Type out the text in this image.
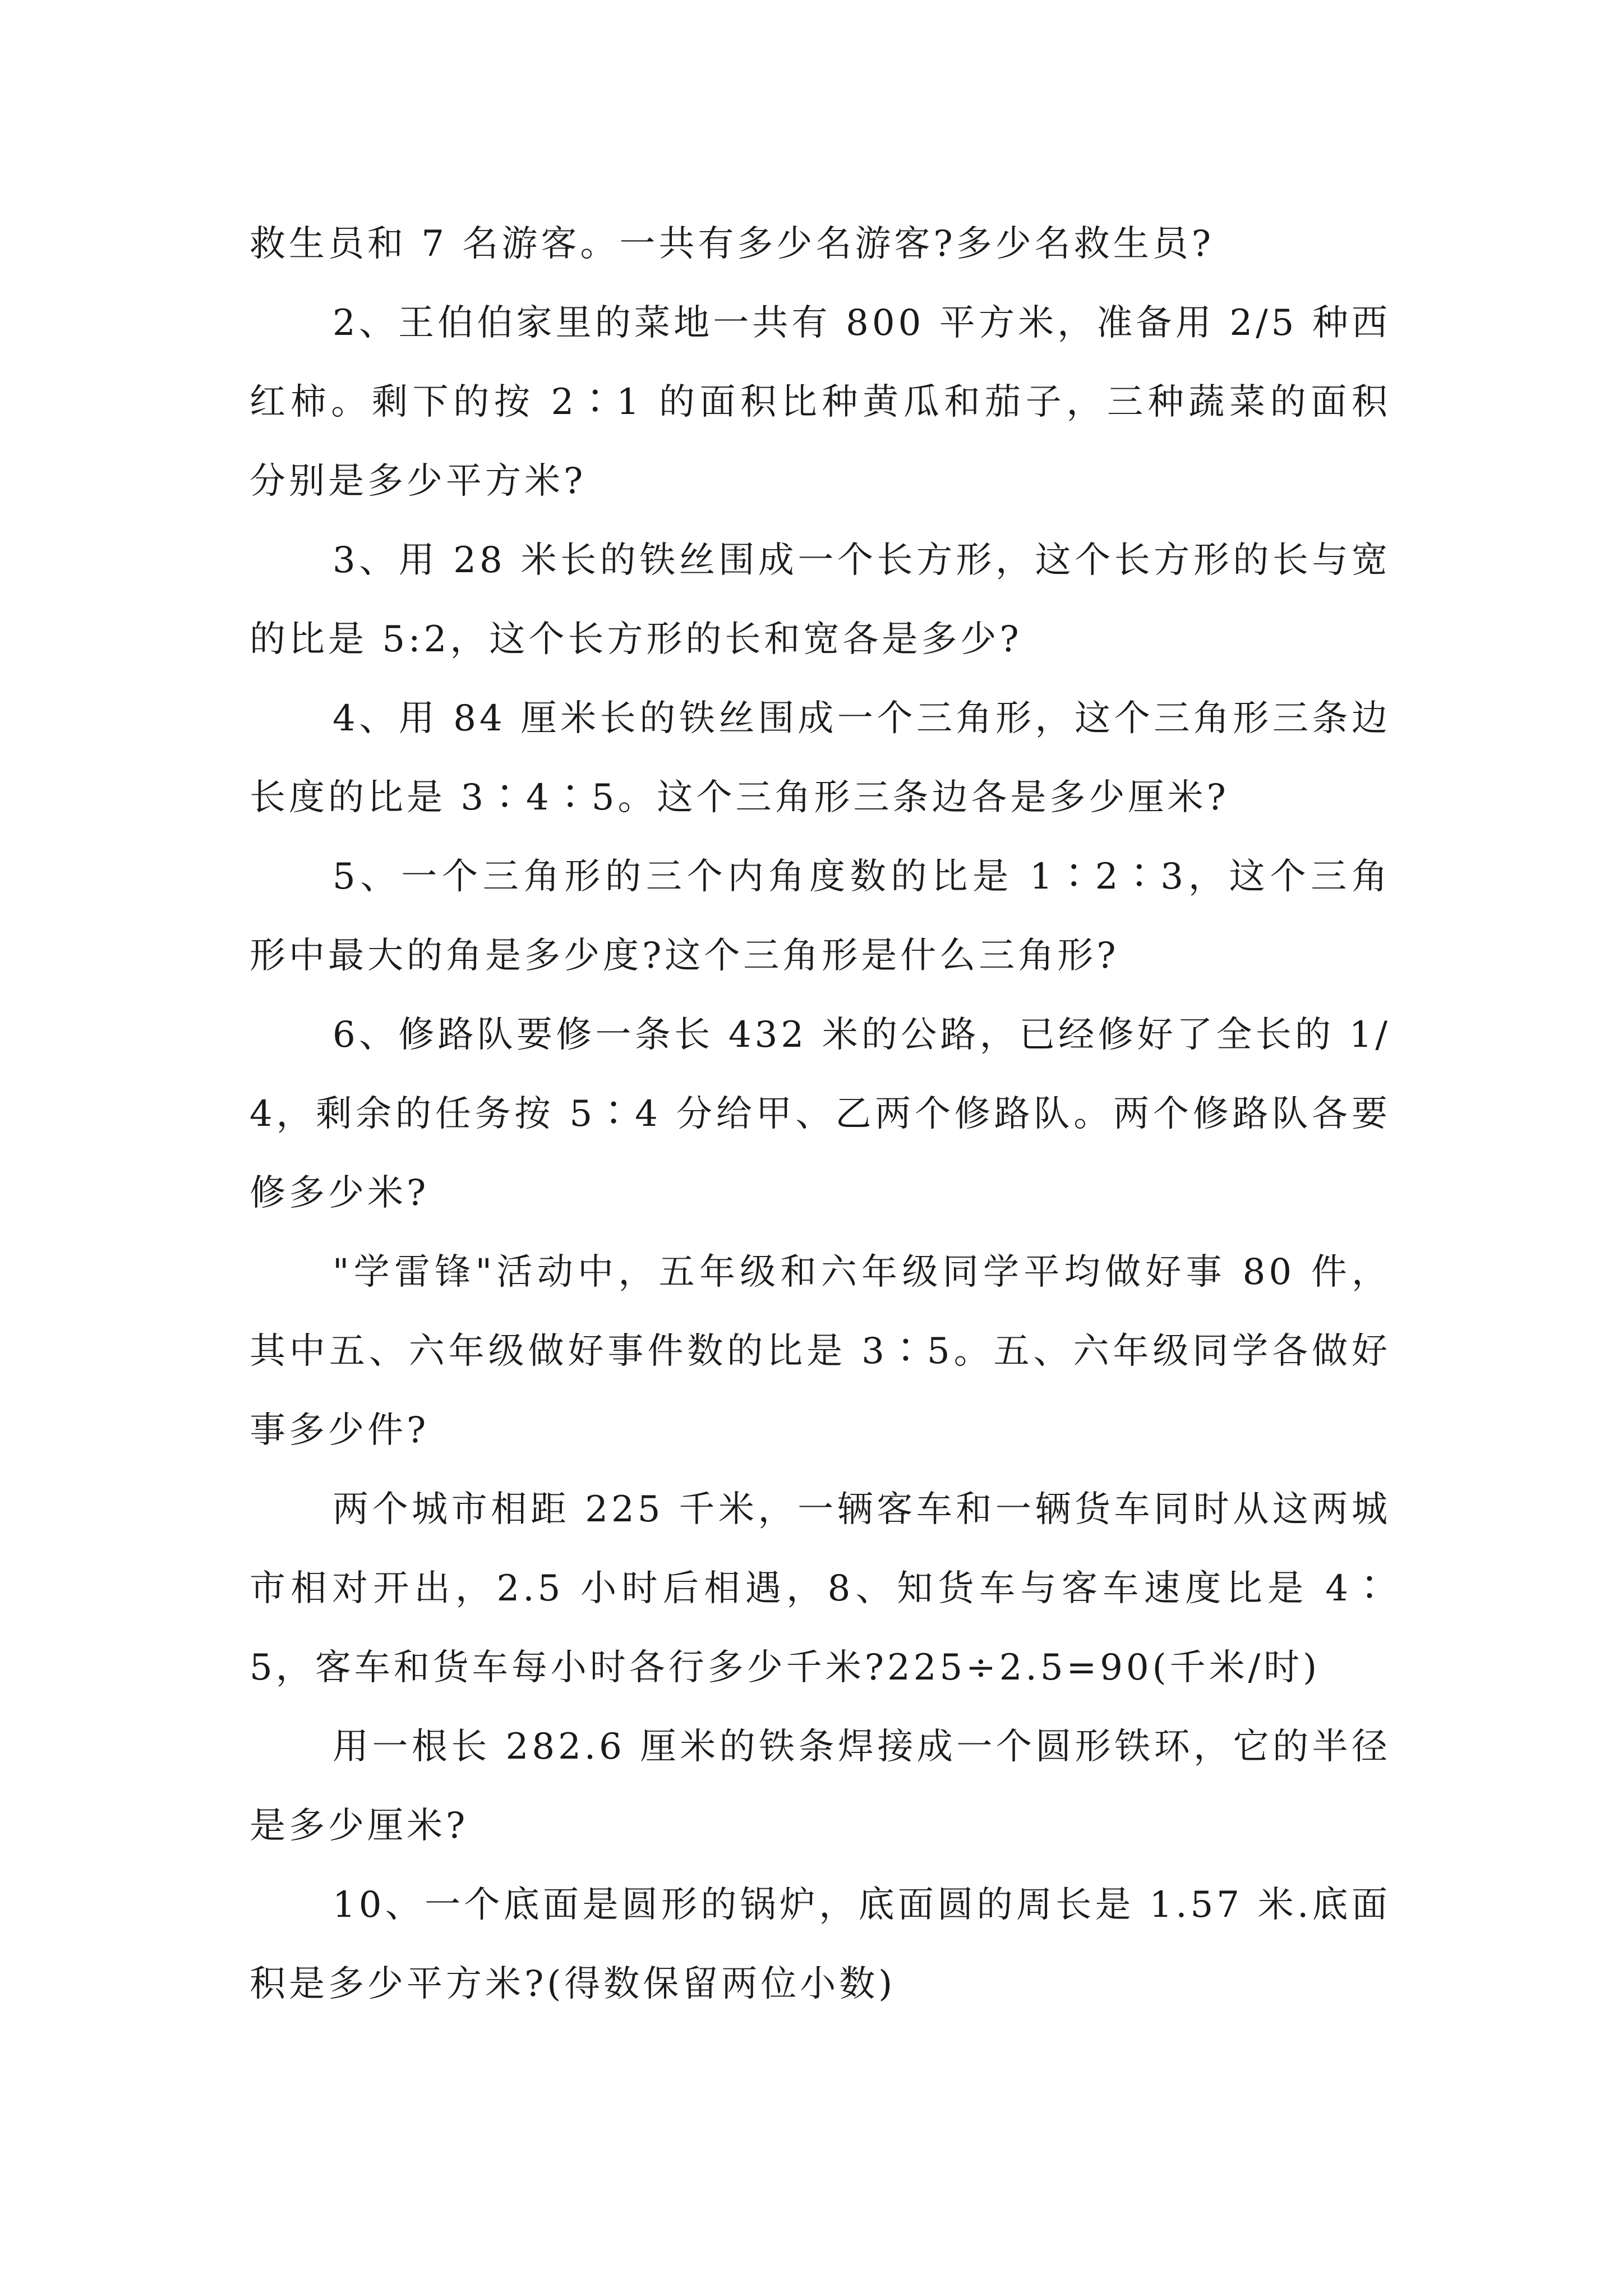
救生员和 7 名游客。一共有多少名游客?多少名救生员?

2、王伯伯家里的菜地一共有 800 平方米，准备用 2/5 种西红柿。剩下的按 2∶1 的面积比种黄瓜和茄子，三种蔬菜的面积分别是多少平方米?

3、用 28 米长的铁丝围成一个长方形，这个长方形的长与宽的比是 5:2，这个长方形的长和宽各是多少?

4、用 84 厘米长的铁丝围成一个三角形，这个三角形三条边长度的比是 3∶4∶5。这个三角形三条边各是多少厘米?

5、一个三角形的三个内角度数的比是 1∶2∶3，这个三角形中最大的角是多少度?这个三角形是什么三角形?

6、修路队要修一条长 432 米的公路，已经修好了全长的 1/4，剩余的任务按 5∶4 分给甲、乙两个修路队。两个修路队各要修多少米?

"学雷锋"活动中，五年级和六年级同学平均做好事 80 件，其中五、六年级做好事件数的比是 3∶5。五、六年级同学各做好事多少件?

两个城市相距 225 千米，一辆客车和一辆货车同时从这两城市相对开出，2.5 小时后相遇，8、知货车与客车速度比是 4∶5，客车和货车每小时各行多少千米?225÷2.5=90(千米/时)

用一根长 282.6 厘米的铁条焊接成一个圆形铁环，它的半径是多少厘米?

10、一个底面是圆形的锅炉，底面圆的周长是 1.57 米.底面积是多少平方米?(得数保留两位小数)
